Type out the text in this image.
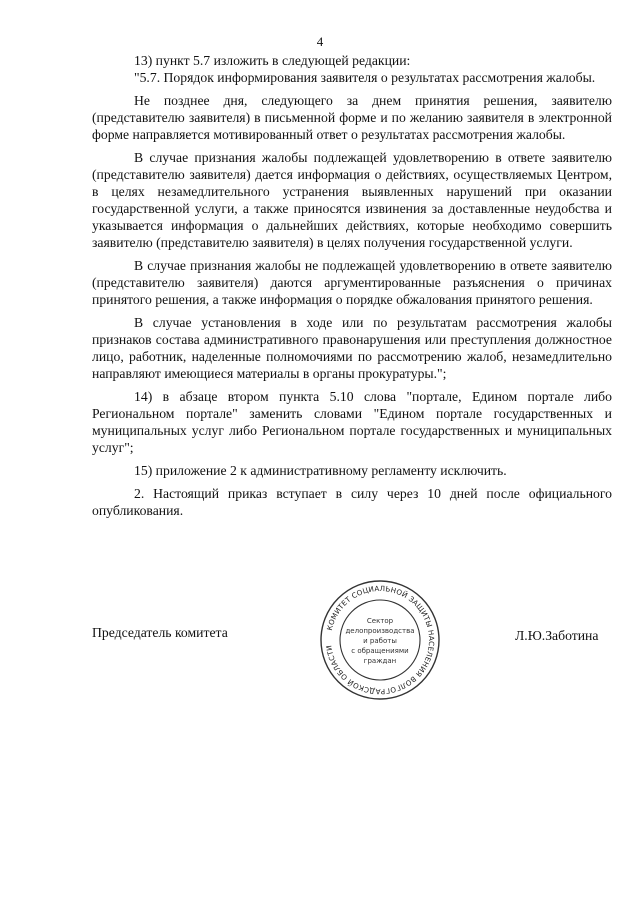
4

13) пункт 5.7 изложить в следующей редакции:

"5.7. Порядок информирования заявителя о результатах рассмотрения жалобы.

Не позднее дня, следующего за днем принятия решения, заявителю (представителю заявителя) в письменной форме и по желанию заявителя в электронной форме направляется мотивированный ответ о результатах рассмотрения жалобы.

В случае признания жалобы подлежащей удовлетворению в ответе заявителю (представителю заявителя) дается информация о действиях, осуществляемых Центром, в целях незамедлительного устранения выявленных нарушений при оказании государственной услуги, а также приносятся извинения за доставленные неудобства и указывается информация о дальнейших действиях, которые необходимо совершить заявителю (представителю заявителя) в целях получения государственной услуги.

В случае признания жалобы не подлежащей удовлетворению в ответе заявителю (представителю заявителя) даются аргументированные разъяснения о причинах принятого решения, а также информация о порядке обжалования принятого решения.

В случае установления в ходе или по результатам рассмотрения жалобы признаков состава административного правонарушения или преступления должностное лицо, работник, наделенные полномочиями по рассмотрению жалоб, незамедлительно направляют имеющиеся материалы в органы прокуратуры.";

14) в абзаце втором пункта 5.10 слова "портале, Едином портале либо Региональном портале" заменить словами "Едином портале государственных и муниципальных услуг либо Региональном портале государственных и муниципальных услуг";

15) приложение 2 к административному регламенту исключить.

2. Настоящий приказ вступает в силу через 10 дней после официального опубликования.

Председатель комитета	Л.Ю.Заботина
КОМИТЕТ СОЦИАЛЬНОЙ ЗАЩИТЫ НАСЕЛЕНИЯ ВОЛГОГРАДСКОЙ ОБЛАСТИ
Сектор
делопроизводства
и работы
с обращениями
граждан
